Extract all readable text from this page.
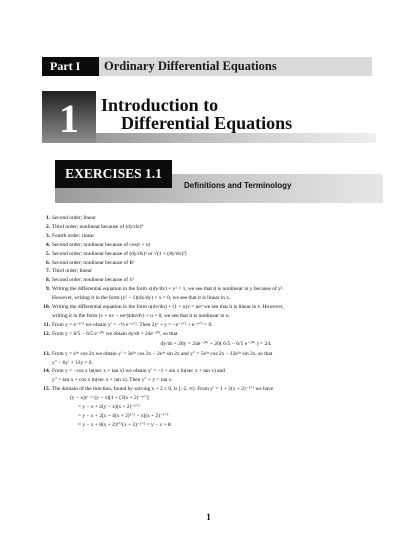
Part I	Ordinary Differential Equations
1	Introduction to
Differential Equations
EXERCISES 1.1
Definitions and Terminology
1. Second order; linear
2. Third order; nonlinear because of (dy/dx)⁴
3. Fourth order; linear
4. Second order; nonlinear because of cos(r + u)
5. Second order; nonlinear because of (dy/dx)² or √(1 + (dy/dx)²)
6. Second order; nonlinear because of R²
7. Third order; linear
8. Second order; nonlinear because of ẋ²
9. Writing the differential equation in the form x(dy/dx) + y² = 1, we see that it is nonlinear in y because of y².
However, writing it in the form (y² − 1)(dx/dy) + x = 0, we see that it is linear in x.
10. Writing the differential equation in the form u(dv/du) + (1 + u)v = ueᵘ we see that it is linear in v. However,
writing it in the form (v + uv − ueᵘ)(du/dv) + u = 0, we see that it is nonlinear in u.
11. From y = e⁻ˣᐟ² we obtain y′ = −½ e⁻ˣᐟ². Then 2y′ + y = −e⁻ˣᐟ² + e⁻ˣᐟ² = 0.
12. From y = 6/5 − 6/5 e⁻²⁰ᵗ we obtain dy/dt = 24e⁻²⁰ᵗ, so that
dy/dt + 20y = 24e⁻²⁰ᵗ + 20( 6/5 − 6/5 e⁻²⁰ᵗ ) = 24.
13. From y = e³ˣ cos 2x we obtain y′ = 3e³ˣ cos 2x − 2e³ˣ sin 2x and y″ = 5e³ˣ cos 2x − 12e³ˣ sin 2x, so that
y″ − 6y′ + 13y = 0.
14. From y = −cos x ln(sec x + tan x) we obtain y′ = −1 + sin x ln(sec x + tan x) and
y″ = tan x + cos x ln(sec x + tan x). Then y″ + y = tan x.
15. The domain of the function, found by solving x + 2 ≥ 0, is [−2, ∞). From y′ = 1 + 2(x + 2)⁻¹ᐟ² we have
(y − x)y′ = (y − x)[1 + (2(x + 2)⁻¹ᐟ²]
= y − x + 2(y − x)(x + 2)⁻¹ᐟ²
= y − x + 2[x + 4(x + 2)¹ᐟ² − x](x + 2)⁻¹ᐟ²
= y − x + 8(x + 2)¹ᐟ²(x + 2)⁻¹ᐟ² = y − x + 8.
1
